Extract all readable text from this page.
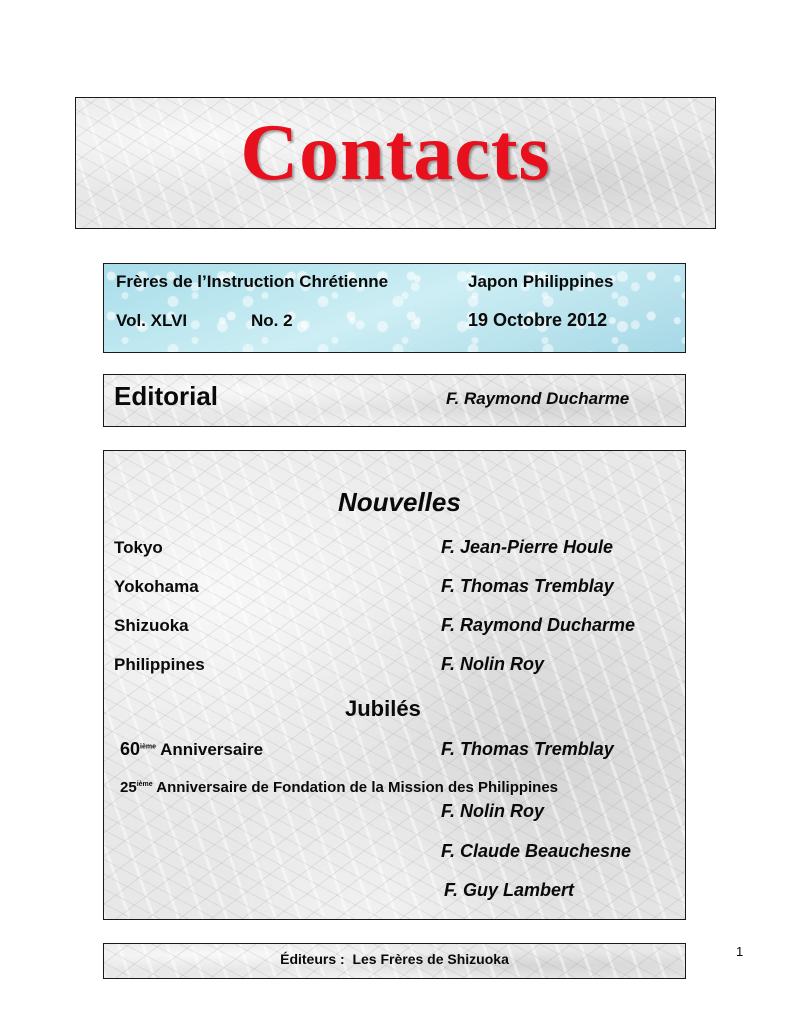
Contacts
Frères de l’Instruction Chrétienne	Japon Philippines
Vol. XLVI	No. 2	19 Octobre 2012
Editorial	F. Raymond Ducharme
Nouvelles
Tokyo	F. Jean-Pierre Houle
Yokohama	F. Thomas Tremblay
Shizuoka	F. Raymond Ducharme
Philippines	F. Nolin Roy
Jubilés
60ième Anniversaire	F. Thomas Tremblay
25ième Anniversaire de Fondation de la Mission des Philippines
F. Nolin Roy
F. Claude Beauchesne
F. Guy Lambert
Éditeurs : Les Frères de Shizuoka	1
